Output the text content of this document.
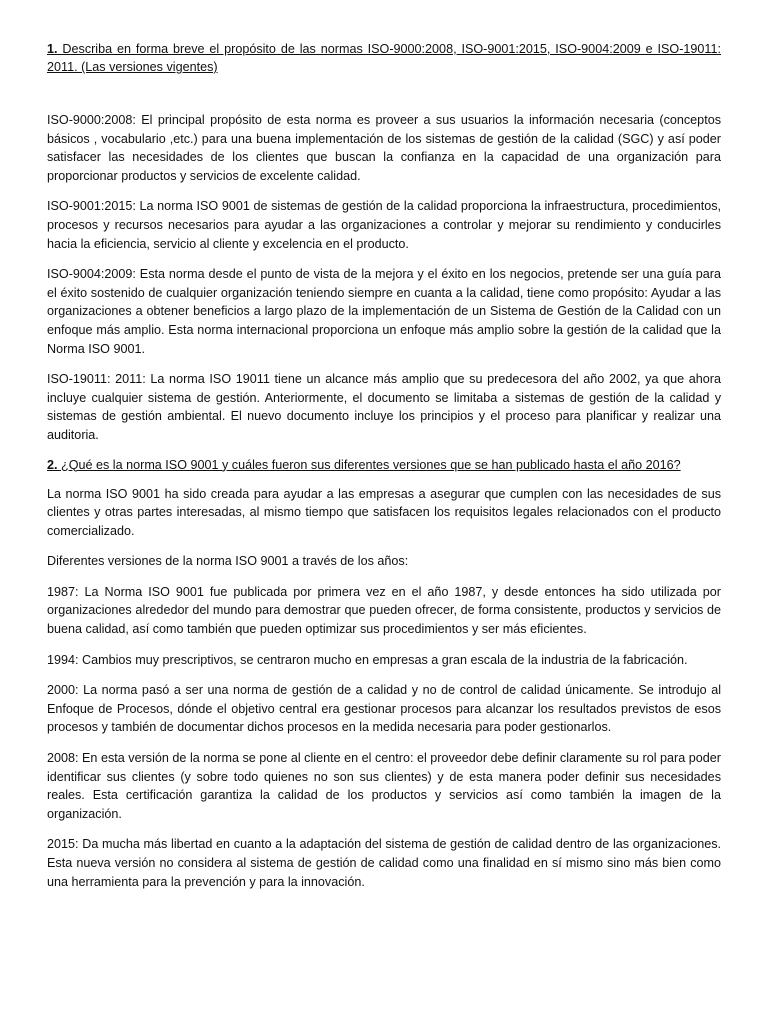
1. Describa en forma breve el propósito de las normas ISO-9000:2008, ISO-9001:2015, ISO-9004:2009 e ISO-19011: 2011. (Las versiones vigentes)

ISO-9000:2008: El principal propósito de esta norma es proveer a sus usuarios la información necesaria (conceptos básicos , vocabulario ,etc.) para una buena implementación de los sistemas de gestión de la calidad (SGC) y así poder satisfacer las necesidades de los clientes que buscan la confianza en la capacidad de una organización para proporcionar productos y servicios de excelente calidad.

ISO-9001:2015: La norma ISO 9001 de sistemas de gestión de la calidad proporciona la infraestructura, procedimientos, procesos y recursos necesarios para ayudar a las organizaciones a controlar y mejorar su rendimiento y conducirles hacia la eficiencia, servicio al cliente y excelencia en el producto.

ISO-9004:2009: Esta norma desde el punto de vista de la mejora y el éxito en los negocios, pretende ser una guía para el éxito sostenido de cualquier organización teniendo siempre en cuanta a la calidad, tiene como propósito: Ayudar a las organizaciones a obtener beneficios a largo plazo de la implementación de un Sistema de Gestión de la Calidad con un enfoque más amplio. Esta norma internacional proporciona un enfoque más amplio sobre la gestión de la calidad que la Norma ISO 9001.

ISO-19011: 2011: La norma ISO 19011 tiene un alcance más amplio que su predecesora del año 2002, ya que ahora incluye cualquier sistema de gestión. Anteriormente, el documento se limitaba a sistemas de gestión de la calidad y sistemas de gestión ambiental. El nuevo documento incluye los principios y el proceso para planificar y realizar una auditoria.

2. ¿Qué es la norma ISO 9001 y cuáles fueron sus diferentes versiones que se han publicado hasta el año 2016?

La norma ISO 9001 ha sido creada para ayudar a las empresas a asegurar que cumplen con las necesidades de sus clientes y otras partes interesadas, al mismo tiempo que satisfacen los requisitos legales relacionados con el producto comercializado.

Diferentes versiones de la norma ISO 9001 a través de los años:

1987: La Norma ISO 9001 fue publicada por primera vez en el año 1987, y desde entonces ha sido utilizada por organizaciones alrededor del mundo para demostrar que pueden ofrecer, de forma consistente, productos y servicios de buena calidad, así como también que pueden optimizar sus procedimientos y ser más eficientes.

1994: Cambios muy prescriptivos, se centraron mucho en empresas a gran escala de la industria de la fabricación.

2000: La norma pasó a ser una norma de gestión de a calidad y no de control de calidad únicamente. Se introdujo al Enfoque de Procesos, dónde el objetivo central era gestionar procesos para alcanzar los resultados previstos de esos procesos y también de documentar dichos procesos en la medida necesaria para poder gestionarlos.

2008: En esta versión de la norma se pone al cliente en el centro: el proveedor debe definir claramente su rol para poder identificar sus clientes (y sobre todo quienes no son sus clientes) y de esta manera poder definir sus necesidades reales. Esta certificación garantiza la calidad de los productos y servicios así como también la imagen de la organización.

2015: Da mucha más libertad en cuanto a la adaptación del sistema de gestión de calidad dentro de las organizaciones. Esta nueva versión no considera al sistema de gestión de calidad como una finalidad en sí mismo sino más bien como una herramienta para la prevención y para la innovación.
